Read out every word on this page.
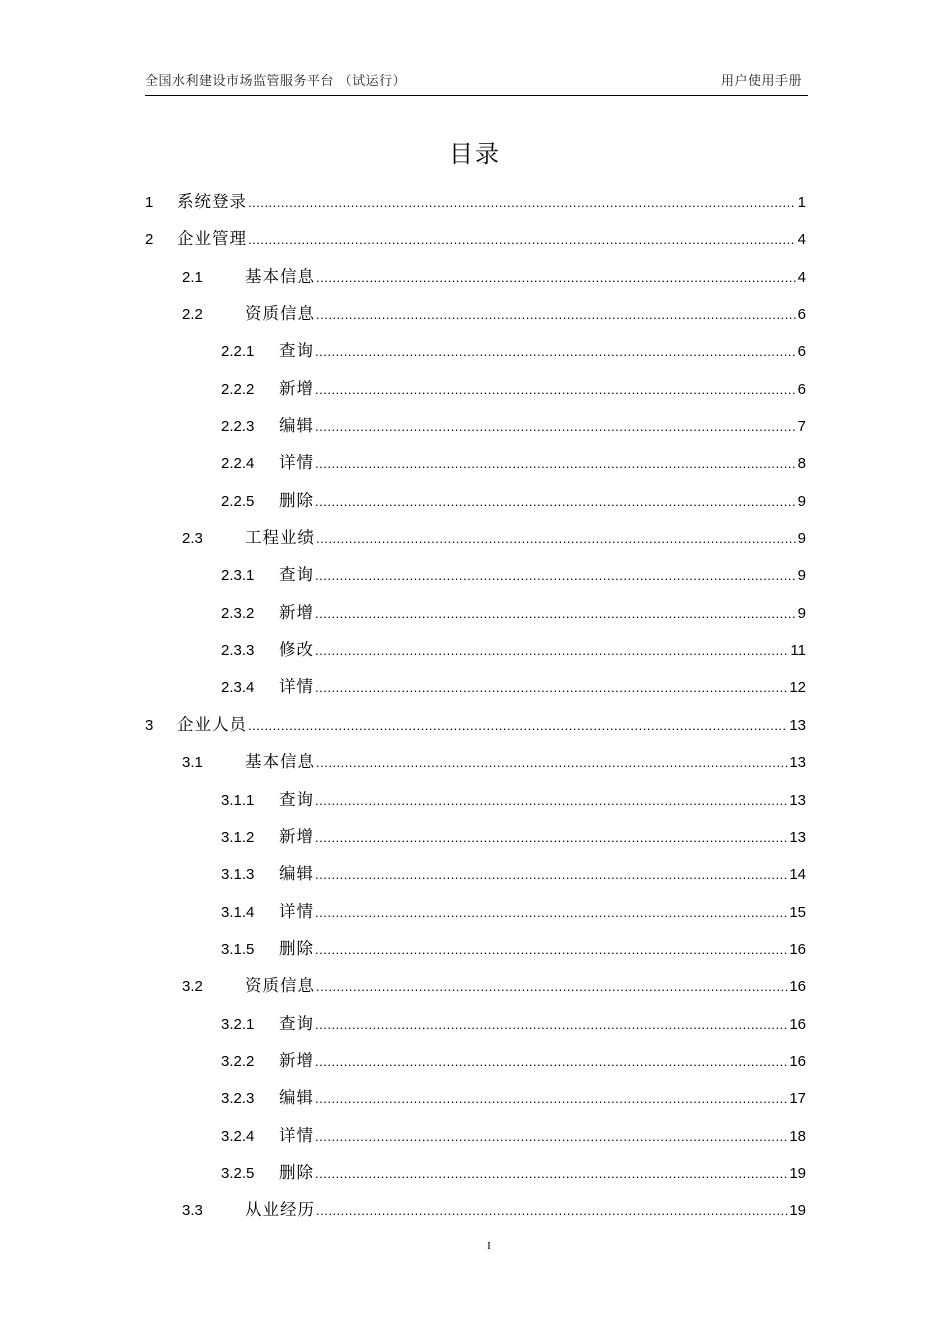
全国水利建设市场监管服务平台 （试运行）	用户使用手册
目录
1	系统登录 .....	1
2	企业管理 .....	4
2.1	基本信息 .....	4
2.2	资质信息 .....	6
2.2.1	查询 .....	6
2.2.2	新增 .....	6
2.2.3	编辑 .....	7
2.2.4	详情 .....	8
2.2.5	删除 .....	9
2.3	工程业绩 .....	9
2.3.1	查询 .....	9
2.3.2	新增 .....	9
2.3.3	修改 .....	11
2.3.4	详情 .....	12
3	企业人员 .....	13
3.1	基本信息 .....	13
3.1.1	查询 .....	13
3.1.2	新增 .....	13
3.1.3	编辑 .....	14
3.1.4	详情 .....	15
3.1.5	删除 .....	16
3.2	资质信息 .....	16
3.2.1	查询 .....	16
3.2.2	新增 .....	16
3.2.3	编辑 .....	17
3.2.4	详情 .....	18
3.2.5	删除 .....	19
3.3	从业经历 .....	19
I
